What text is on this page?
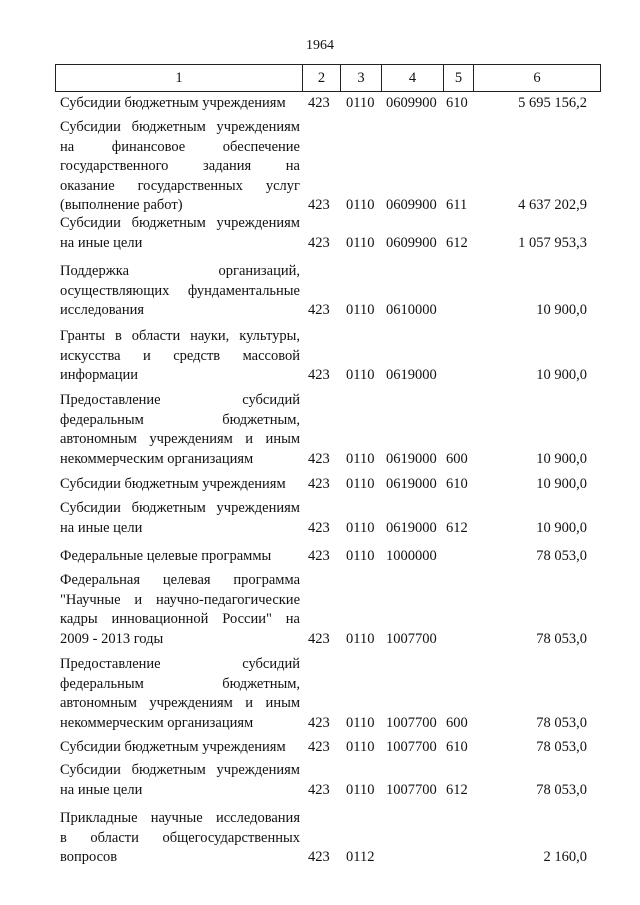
1964
1	2	3	4	5	6
Субсидии бюджетным учреждениям	423 0110 0609900 610	5 695 156,2
Субсидии бюджетным учреждениям
на финансовое обеспечение
государственного задания на
оказание государственных услуг
(выполнение работ)	423 0110 0609900 611	4 637 202,9
Субсидии бюджетным учреждениям
на иные цели	423 0110 0609900 612	1 057 953,3
Поддержка организаций,
осуществляющих фундаментальные
исследования	423 0110 0610000	10 900,0
Гранты в области науки, культуры,
искусства и средств массовой
информации	423 0110 0619000	10 900,0
Предоставление субсидий
федеральным бюджетным,
автономным учреждениям и иным
некоммерческим организациям	423 0110 0619000 600	10 900,0
Субсидии бюджетным учреждениям	423 0110 0619000 610	10 900,0
Субсидии бюджетным учреждениям
на иные цели	423 0110 0619000 612	10 900,0
Федеральные целевые программы	423 0110 1000000	78 053,0
Федеральная целевая программа
"Научные и научно-педагогические
кадры инновационной России" на
2009 - 2013 годы	423 0110 1007700	78 053,0
Предоставление субсидий
федеральным бюджетным,
автономным учреждениям и иным
некоммерческим организациям	423 0110 1007700 600	78 053,0
Субсидии бюджетным учреждениям	423 0110 1007700 610	78 053,0
Субсидии бюджетным учреждениям
на иные цели	423 0110 1007700 612	78 053,0
Прикладные научные исследования
в области общегосударственных
вопросов	423 0112	2 160,0
